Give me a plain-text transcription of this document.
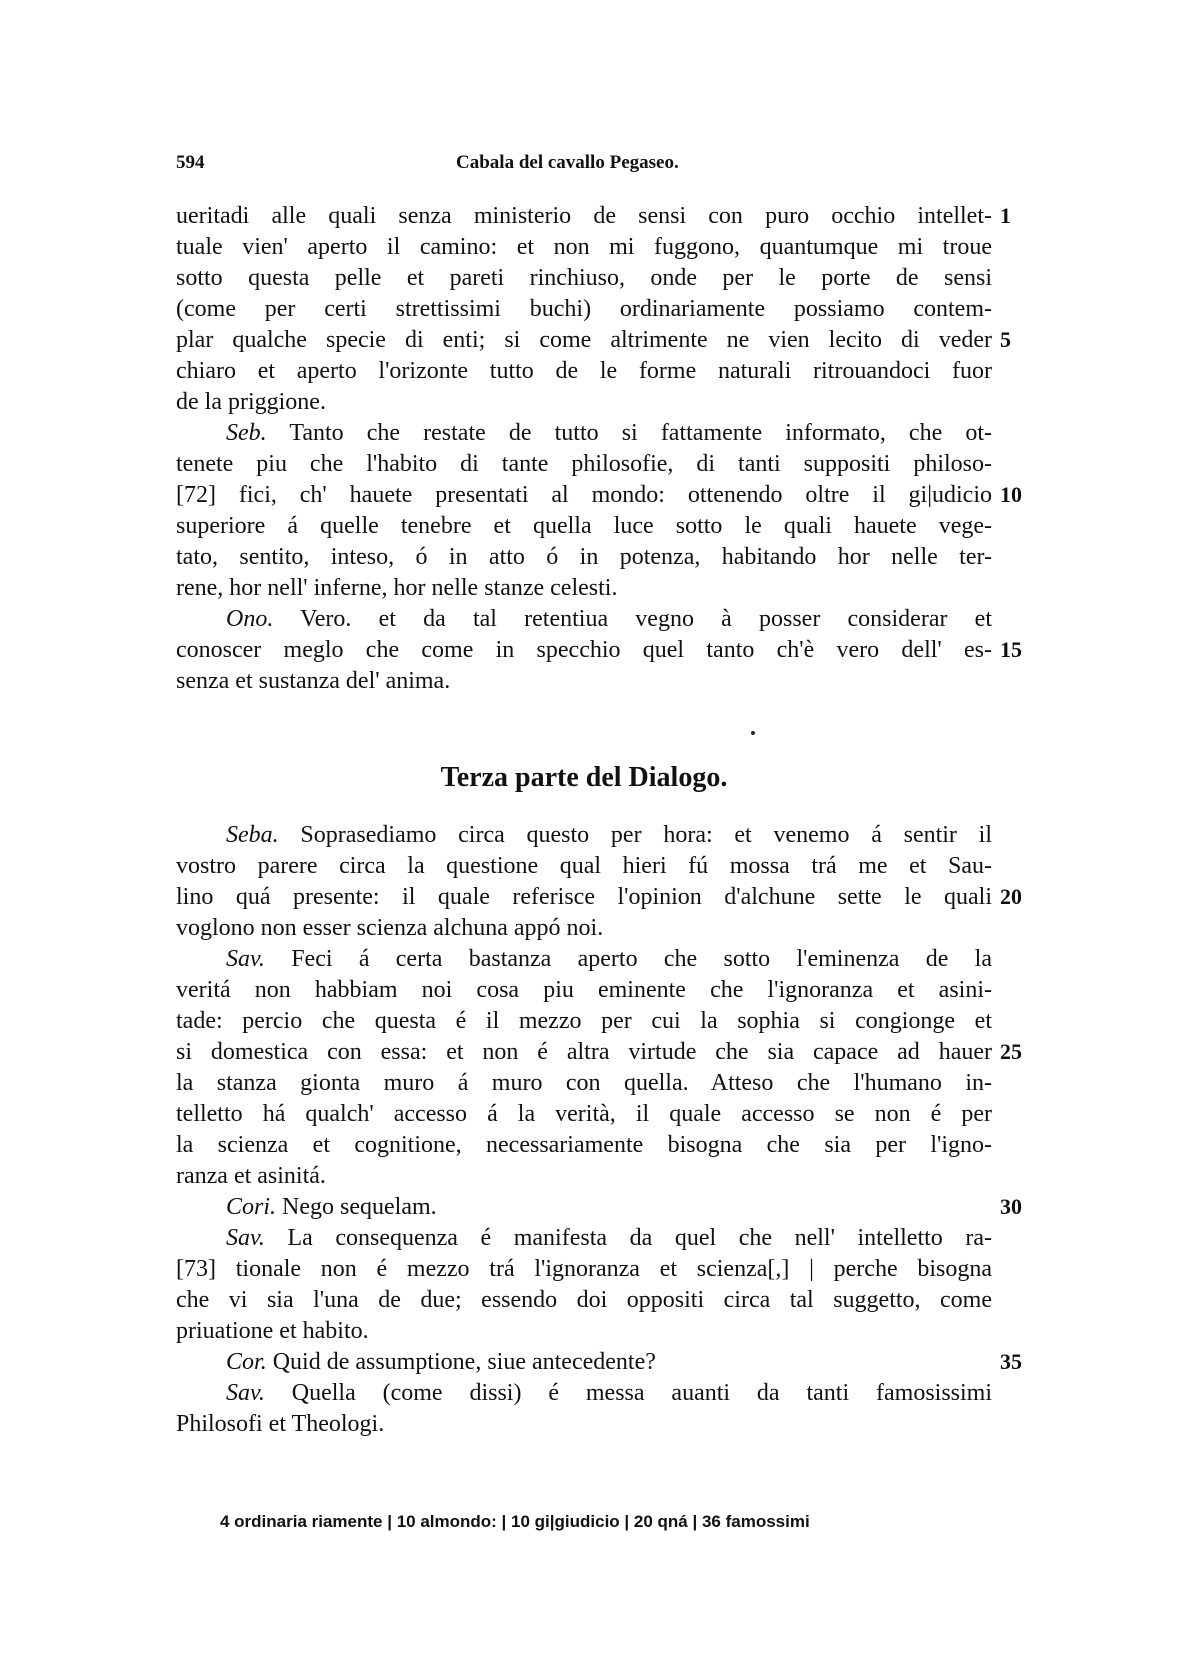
594	Cabala del cavallo Pegaseo.
ueritadi alle quali senza ministerio de sensi con puro occhio intellet- 1
tuale vien' aperto il camino: et non mi fuggono, quantumque mi troue
sotto questa pelle et pareti rinchiuso, onde per le porte de sensi
(come per certi strettissimi buchi) ordinariamente possiamo contem-
plar qualche specie di enti; si come altrimente ne vien lecito di veder 5
chiaro et aperto l'orizonte tutto de le forme naturali ritrouandoci fuor
de la priggione.
Seb. Tanto che restate de tutto si fattamente informato, che ot-
tenete piu che l'habito di tante philosofie, di tanti suppositi philoso-
[72] fici, ch' hauete presentati al mondo: ottenendo oltre il gi|udicio 10
superiore á quelle tenebre et quella luce sotto le quali hauete vege-
tato, sentito, inteso, ó in atto ó in potenza, habitando hor nelle ter-
rene, hor nell' inferne, hor nelle stanze celesti.
Ono. Vero. et da tal retentiua vegno à posser considerar et
conoscer meglo che come in specchio quel tanto ch'è vero dell' es- 15
senza et sustanza del' anima.
Terza parte del Dialogo.
Seba. Soprasediamo circa questo per hora: et venemo á sentir il
vostro parere circa la questione qual hieri fú mossa trá me et Sau-
lino quá presente: il quale referisce l'opinion d'alchune sette le quali 20
voglono non esser scienza alchuna appó noi.
Sav. Feci á certa bastanza aperto che sotto l'eminenza de la
veritá non habbiam noi cosa piu eminente che l'ignoranza et asini-
tade: percio che questa é il mezzo per cui la sophia si congionge et
si domestica con essa: et non é altra virtude che sia capace ad hauer 25
la stanza gionta muro á muro con quella. Atteso che l'humano in-
telletto há qualch' accesso á la verità, il quale accesso se non é per
la scienza et cognitione, necessariamente bisogna che sia per l'igno-
ranza et asinitá.
Cori. Nego sequelam.	30
Sav. La consequenza é manifesta da quel che nell' intelletto ra-
[73] tionale non é mezzo trá l'ignoranza et scienza[,] | perche bisogna
che vi sia l'una de due; essendo doi oppositi circa tal suggetto, come
priuatione et habito.
Cor. Quid de assumptione, siue antecedente?	35
Sav. Quella (come dissi) é messa auanti da tanti famosissimi
Philosofi et Theologi.
4 ordinaria riamente | 10 almondo: | 10 gi|giudicio | 20 qná | 36 famossimi
